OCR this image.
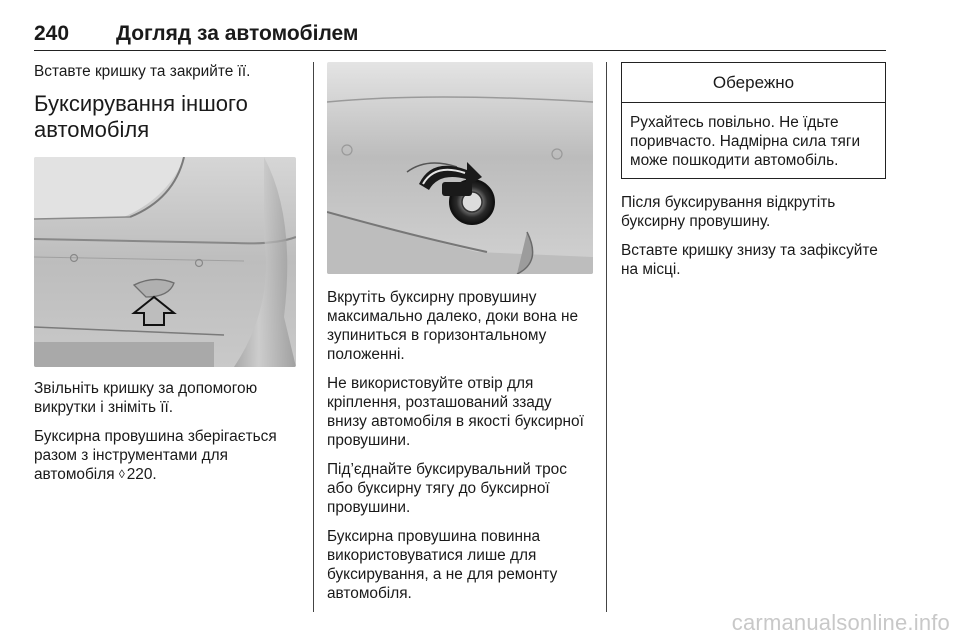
240 Догляд за автомобілем

Вставте кришку та закрийте її.

Буксирування іншого автомобіля

Звільніть кришку за допомогою викрутки і зніміть її.

Буксирна провушина зберігається разом з інструментами для автомобіля ◊ 220.

Вкрутіть буксирну провушину максимально далеко, доки вона не зупиниться в горизонтальному положенні.

Не використовуйте отвір для кріплення, розташований ззаду внизу автомобіля в якості буксирної провушини.

Під’єднайте буксирувальний трос або буксирну тягу до буксирної провушини.

Буксирна провушина повинна використовуватися лише для буксирування, а не для ремонту автомобіля.

Обережно

Рухайтесь повільно. Не їдьте поривчасто. Надмірна сила тяги може пошкодити автомобіль.

Після буксирування відкрутіть буксирну провушину.

Вставте кришку знизу та зафіксуйте на місці.

carmanualsonline.info
